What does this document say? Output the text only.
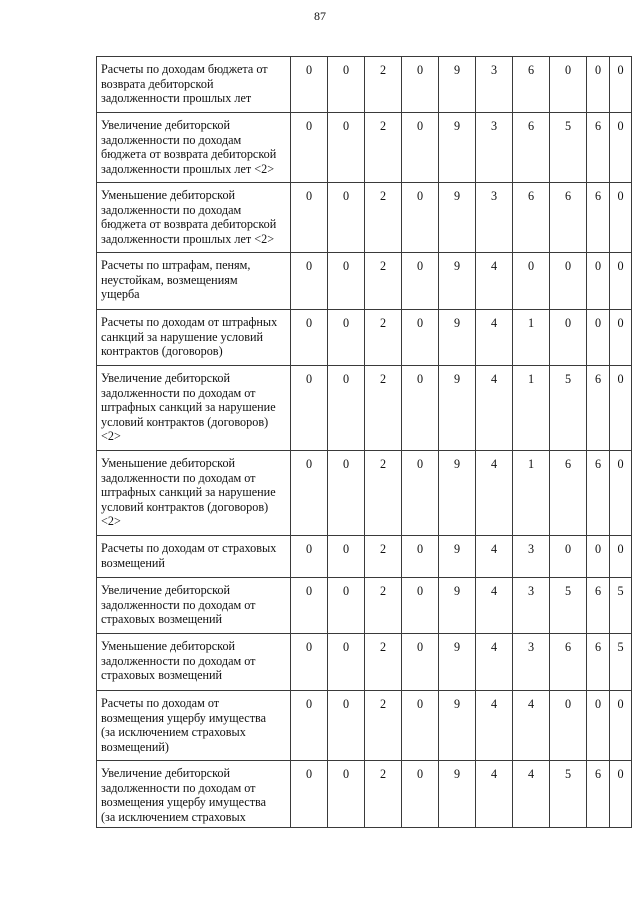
87
Расчеты по доходам бюджета от
возврата дебиторской
задолженности прошлых лет	0	0	2	0	9	3	6	0	0	0
Увеличение дебиторской
задолженности по доходам
бюджета от возврата дебиторской
задолженности прошлых лет <2>	0	0	2	0	9	3	6	5	6	0
Уменьшение дебиторской
задолженности по доходам
бюджета от возврата дебиторской
задолженности прошлых лет <2>	0	0	2	0	9	3	6	6	6	0
Расчеты по штрафам, пеням,
неустойкам, возмещениям
ущерба	0	0	2	0	9	4	0	0	0	0
Расчеты по доходам от штрафных
санкций за нарушение условий
контрактов (договоров)	0	0	2	0	9	4	1	0	0	0
Увеличение дебиторской
задолженности по доходам от
штрафных санкций за нарушение
условий контрактов (договоров)
<2>	0	0	2	0	9	4	1	5	6	0
Уменьшение дебиторской
задолженности по доходам от
штрафных санкций за нарушение
условий контрактов (договоров)
<2>	0	0	2	0	9	4	1	6	6	0
Расчеты по доходам от страховых
возмещений	0	0	2	0	9	4	3	0	0	0
Увеличение дебиторской
задолженности по доходам от
страховых возмещений	0	0	2	0	9	4	3	5	6	5
Уменьшение дебиторской
задолженности по доходам от
страховых возмещений	0	0	2	0	9	4	3	6	6	5
Расчеты по доходам от
возмещения ущербу имущества
(за исключением страховых
возмещений)	0	0	2	0	9	4	4	0	0	0
Увеличение дебиторской
задолженности по доходам от
возмещения ущербу имущества
(за исключением страховых	0	0	2	0	9	4	4	5	6	0
